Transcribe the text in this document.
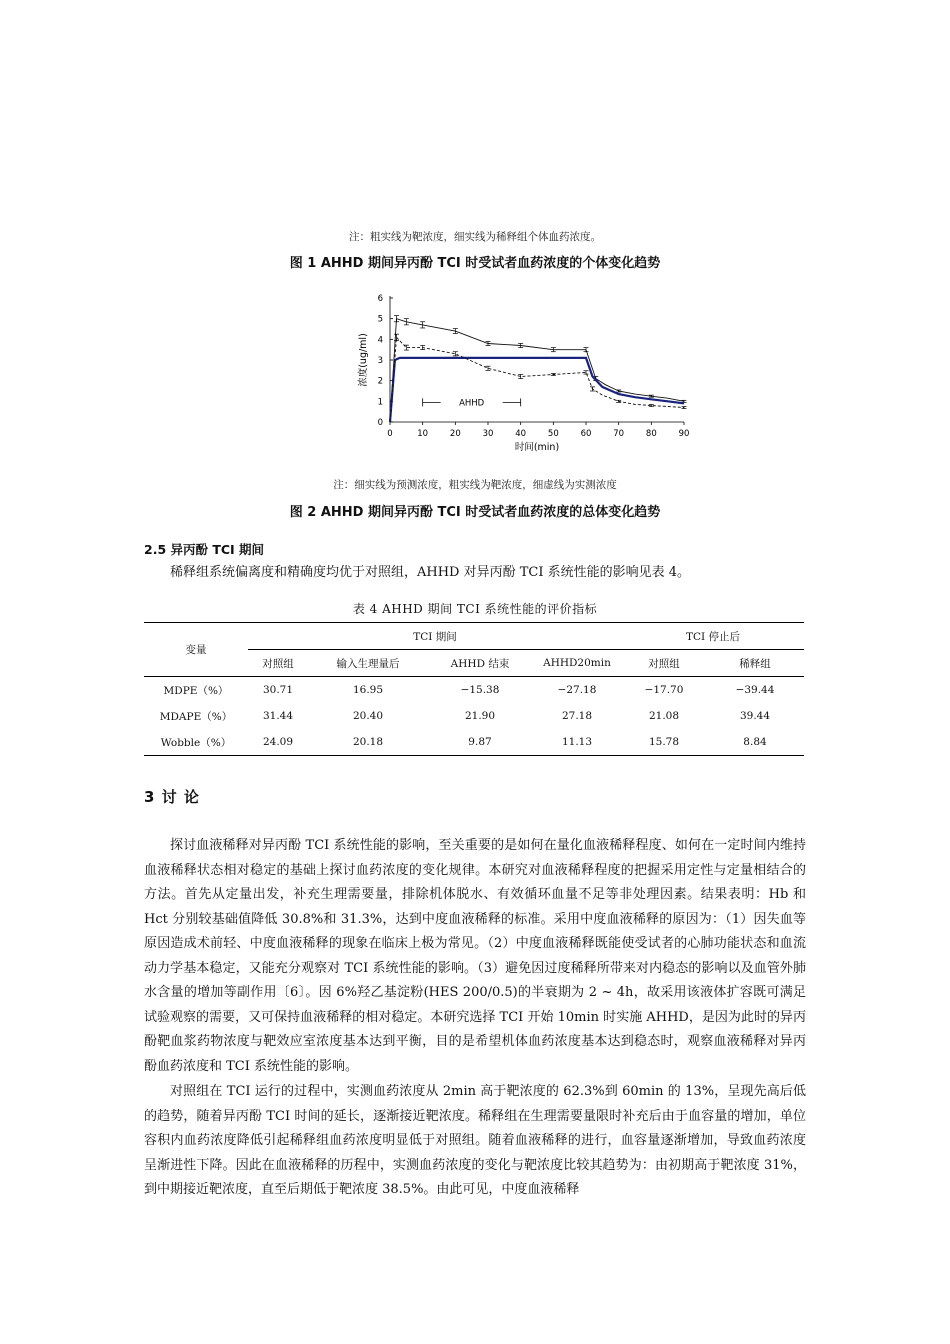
注：粗实线为靶浓度，细实线为稀释组个体血药浓度。
图 1 AHHD 期间异丙酚 TCI 时受试者血药浓度的个体变化趋势
0
1
2
3
4
5
6
0	10	20	30	40	50	60	70	80	90
时间(min)
浓度(ug/ml)
AHHD
注：细实线为预测浓度，粗实线为靶浓度，细虚线为实测浓度
图 2 AHHD 期间异丙酚 TCI 时受试者血药浓度的总体变化趋势
2.5 异丙酚 TCI 期间
稀释组系统偏离度和精确度均优于对照组，AHHD 对异丙酚 TCI 系统性能的影响见表 4。
表 4 AHHD 期间 TCI 系统性能的评价指标
变量	TCI 期间				TCI 停止后	
	对照组	输入生理量后	AHHD 结束	AHHD20min	对照组	稀释组
MDPE（%）	30.71	16.95	−15.38	−27.18	−17.70	−39.44
MDAPE（%）	31.44	20.40	21.90	27.18	21.08	39.44
Wobble（%）	24.09	20.18	9.87	11.13	15.78	8.84
3 讨 论
探讨血液稀释对异丙酚 TCI 系统性能的影响，至关重要的是如何在量化血液稀释程度、如何在一定时间内维持血液稀释状态相对稳定的基础上探讨血药浓度的变化规律。本研究对血液稀释程度的把握采用定性与定量相结合的方法。首先从定量出发，补充生理需要量，排除机体脱水、有效循环血量不足等非处理因素。结果表明：Hb 和 Hct 分别较基础值降低 30.8%和 31.3%，达到中度血液稀释的标准。采用中度血液稀释的原因为：（1）因失血等原因造成术前轻、中度血液稀释的现象在临床上极为常见。（2）中度血液稀释既能使受试者的心肺功能状态和血流动力学基本稳定，又能充分观察对 TCI 系统性能的影响。（3）避免因过度稀释所带来对内稳态的影响以及血管外肺水含量的增加等副作用〔6〕。因 6%羟乙基淀粉(HES 200/0.5)的半衰期为 2 ~ 4h，故采用该液体扩容既可满足试验观察的需要，又可保持血液稀释的相对稳定。本研究选择 TCI 开始 10min 时实施 AHHD，是因为此时的异丙酚靶血浆药物浓度与靶效应室浓度基本达到平衡，目的是希望机体血药浓度基本达到稳态时，观察血液稀释对异丙酚血药浓度和 TCI 系统性能的影响。
对照组在 TCI 运行的过程中，实测血药浓度从 2min 高于靶浓度的 62.3%到 60min 的 13%，呈现先高后低的趋势，随着异丙酚 TCI 时间的延长，逐渐接近靶浓度。稀释组在生理需要量限时补充后由于血容量的增加，单位容积内血药浓度降低引起稀释组血药浓度明显低于对照组。随着血液稀释的进行，血容量逐渐增加，导致血药浓度呈渐进性下降。因此在血液稀释的历程中，实测血药浓度的变化与靶浓度比较其趋势为：由初期高于靶浓度 31%，到中期接近靶浓度，直至后期低于靶浓度 38.5%。由此可见，中度血液稀释
